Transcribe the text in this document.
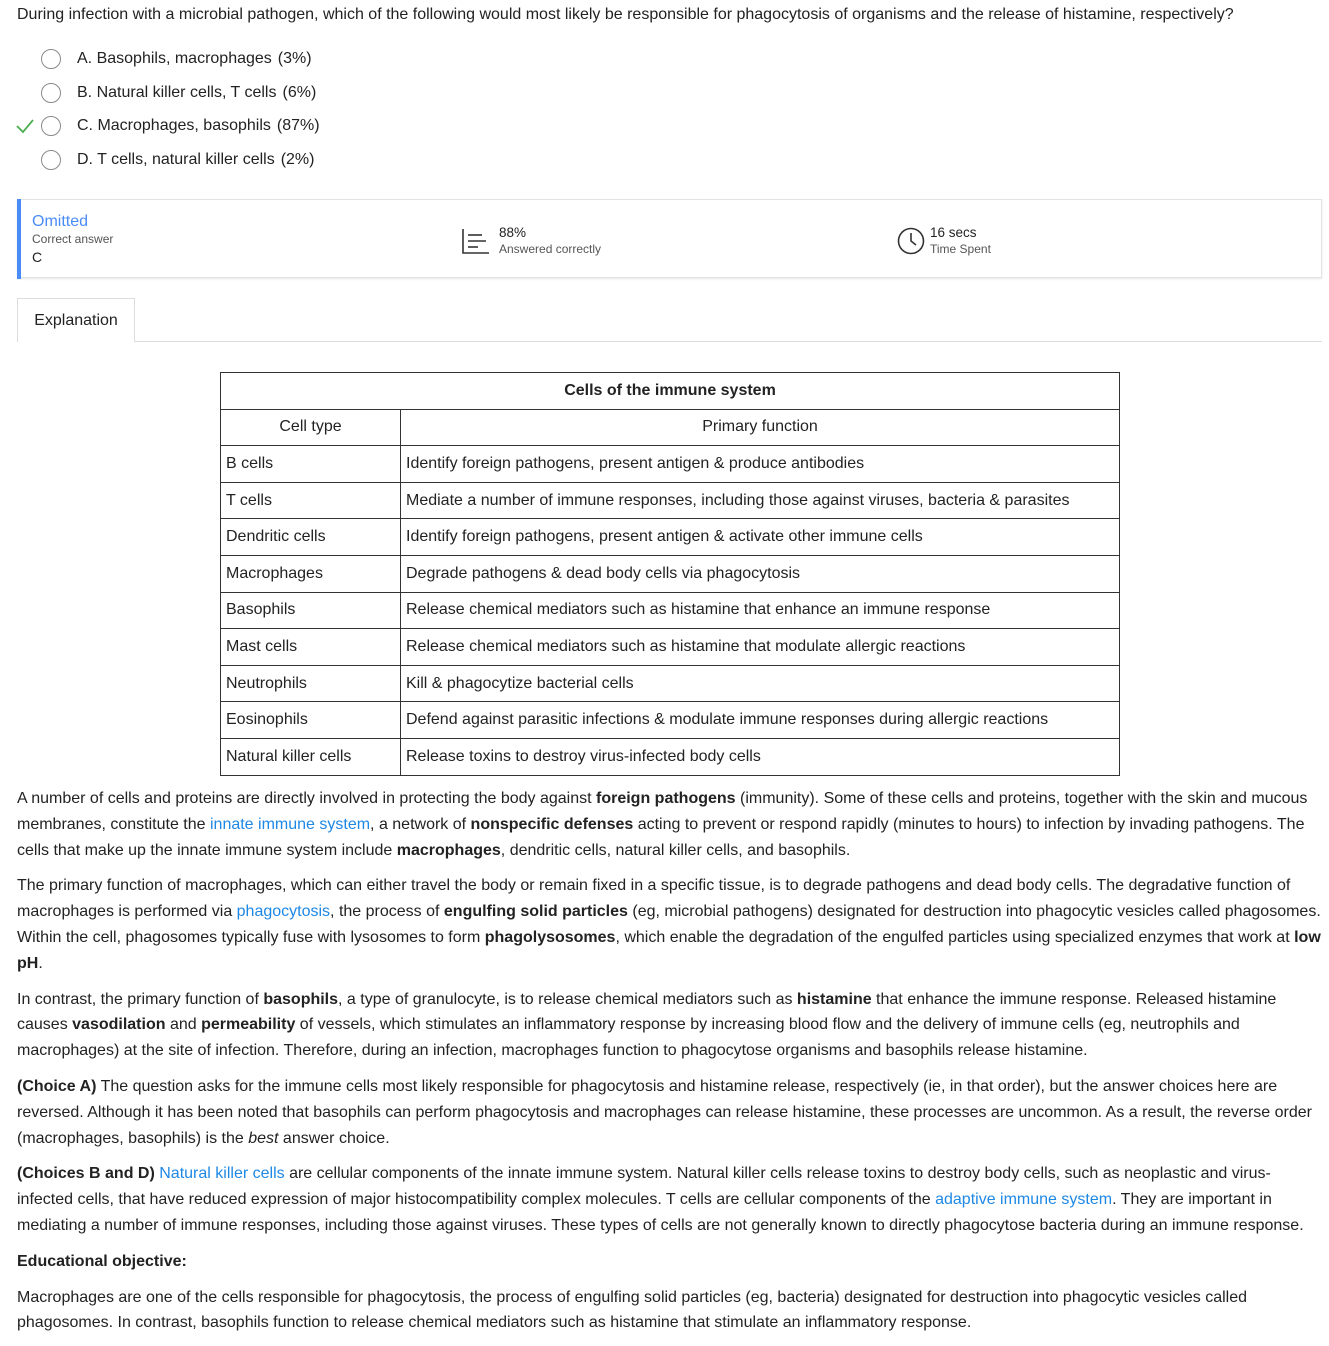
During infection with a microbial pathogen, which of the following would most likely be responsible for phagocytosis of organisms and the release of histamine, respectively?
A. Basophils, macrophages (3%)
B. Natural killer cells, T cells (6%)
C. Macrophages, basophils (87%)
D. T cells, natural killer cells (2%)
Omitted
Correct answer
C
88%
Answered correctly
16 secs
Time Spent
Explanation
Cells of the immune system	
Cell type	Primary function
B cells	Identify foreign pathogens, present antigen & produce antibodies
T cells	Mediate a number of immune responses, including those against viruses, bacteria & parasites
Dendritic cells	Identify foreign pathogens, present antigen & activate other immune cells
Macrophages	Degrade pathogens & dead body cells via phagocytosis
Basophils	Release chemical mediators such as histamine that enhance an immune response
Mast cells	Release chemical mediators such as histamine that modulate allergic reactions
Neutrophils	Kill & phagocytize bacterial cells
Eosinophils	Defend against parasitic infections & modulate immune responses during allergic reactions
Natural killer cells	Release toxins to destroy virus-infected body cells

A number of cells and proteins are directly involved in protecting the body against foreign pathogens (immunity). Some of these cells and proteins, together with the skin and mucous membranes, constitute the innate immune system, a network of nonspecific defenses acting to prevent or respond rapidly (minutes to hours) to infection by invading pathogens. The cells that make up the innate immune system include macrophages, dendritic cells, natural killer cells, and basophils.

The primary function of macrophages, which can either travel the body or remain fixed in a specific tissue, is to degrade pathogens and dead body cells. The degradative function of macrophages is performed via phagocytosis, the process of engulfing solid particles (eg, microbial pathogens) designated for destruction into phagocytic vesicles called phagosomes. Within the cell, phagosomes typically fuse with lysosomes to form phagolysosomes, which enable the degradation of the engulfed particles using specialized enzymes that work at low pH.

In contrast, the primary function of basophils, a type of granulocyte, is to release chemical mediators such as histamine that enhance the immune response. Released histamine causes vasodilation and permeability of vessels, which stimulates an inflammatory response by increasing blood flow and the delivery of immune cells (eg, neutrophils and macrophages) at the site of infection. Therefore, during an infection, macrophages function to phagocytose organisms and basophils release histamine.

(Choice A) The question asks for the immune cells most likely responsible for phagocytosis and histamine release, respectively (ie, in that order), but the answer choices here are reversed. Although it has been noted that basophils can perform phagocytosis and macrophages can release histamine, these processes are uncommon. As a result, the reverse order (macrophages, basophils) is the best answer choice.

(Choices B and D) Natural killer cells are cellular components of the innate immune system. Natural killer cells release toxins to destroy body cells, such as neoplastic and virus-infected cells, that have reduced expression of major histocompatibility complex molecules. T cells are cellular components of the adaptive immune system. They are important in mediating a number of immune responses, including those against viruses. These types of cells are not generally known to directly phagocytose bacteria during an immune response.

Educational objective:

Macrophages are one of the cells responsible for phagocytosis, the process of engulfing solid particles (eg, bacteria) designated for destruction into phagocytic vesicles called phagosomes. In contrast, basophils function to release chemical mediators such as histamine that stimulate an inflammatory response.
